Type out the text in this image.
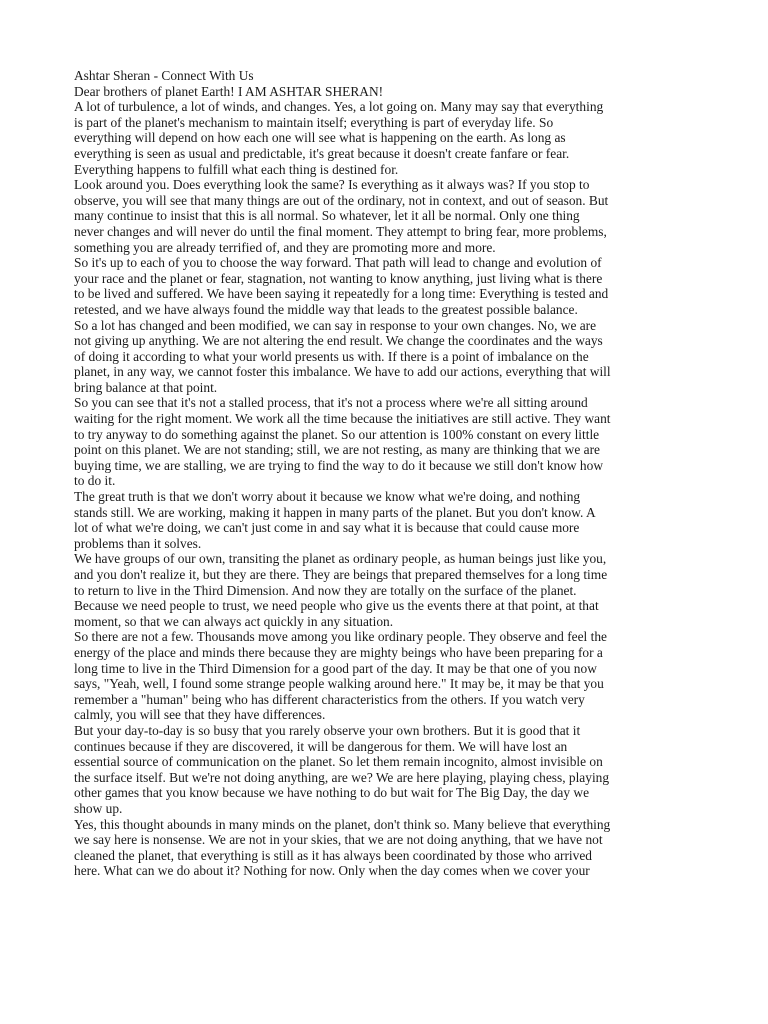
Ashtar Sheran - Connect With Us
Dear brothers of planet Earth! I AM ASHTAR SHERAN!
A lot of turbulence, a lot of winds, and changes. Yes, a lot going on. Many may say that everything
is part of the planet's mechanism to maintain itself; everything is part of everyday life. So
everything will depend on how each one will see what is happening on the earth. As long as
everything is seen as usual and predictable, it's great because it doesn't create fanfare or fear.
Everything happens to fulfill what each thing is destined for.
Look around you. Does everything look the same? Is everything as it always was? If you stop to
observe, you will see that many things are out of the ordinary, not in context, and out of season. But
many continue to insist that this is all normal. So whatever, let it all be normal. Only one thing
never changes and will never do until the final moment. They attempt to bring fear, more problems,
something you are already terrified of, and they are promoting more and more.
So it's up to each of you to choose the way forward. That path will lead to change and evolution of
your race and the planet or fear, stagnation, not wanting to know anything, just living what is there
to be lived and suffered. We have been saying it repeatedly for a long time: Everything is tested and
retested, and we have always found the middle way that leads to the greatest possible balance.
So a lot has changed and been modified, we can say in response to your own changes. No, we are
not giving up anything. We are not altering the end result. We change the coordinates and the ways
of doing it according to what your world presents us with. If there is a point of imbalance on the
planet, in any way, we cannot foster this imbalance. We have to add our actions, everything that will
bring balance at that point.
So you can see that it's not a stalled process, that it's not a process where we're all sitting around
waiting for the right moment. We work all the time because the initiatives are still active. They want
to try anyway to do something against the planet. So our attention is 100% constant on every little
point on this planet. We are not standing; still, we are not resting, as many are thinking that we are
buying time, we are stalling, we are trying to find the way to do it because we still don't know how
to do it.
The great truth is that we don't worry about it because we know what we're doing, and nothing
stands still. We are working, making it happen in many parts of the planet. But you don't know. A
lot of what we're doing, we can't just come in and say what it is because that could cause more
problems than it solves.
We have groups of our own, transiting the planet as ordinary people, as human beings just like you,
and you don't realize it, but they are there. They are beings that prepared themselves for a long time
to return to live in the Third Dimension. And now they are totally on the surface of the planet.
Because we need people to trust, we need people who give us the events there at that point, at that
moment, so that we can always act quickly in any situation.
So there are not a few. Thousands move among you like ordinary people. They observe and feel the
energy of the place and minds there because they are mighty beings who have been preparing for a
long time to live in the Third Dimension for a good part of the day. It may be that one of you now
says, "Yeah, well, I found some strange people walking around here." It may be, it may be that you
remember a "human" being who has different characteristics from the others. If you watch very
calmly, you will see that they have differences.
But your day-to-day is so busy that you rarely observe your own brothers. But it is good that it
continues because if they are discovered, it will be dangerous for them. We will have lost an
essential source of communication on the planet. So let them remain incognito, almost invisible on
the surface itself. But we're not doing anything, are we? We are here playing, playing chess, playing
other games that you know because we have nothing to do but wait for The Big Day, the day we
show up.
Yes, this thought abounds in many minds on the planet, don't think so. Many believe that everything
we say here is nonsense. We are not in your skies, that we are not doing anything, that we have not
cleaned the planet, that everything is still as it has always been coordinated by those who arrived
here. What can we do about it? Nothing for now. Only when the day comes when we cover your
